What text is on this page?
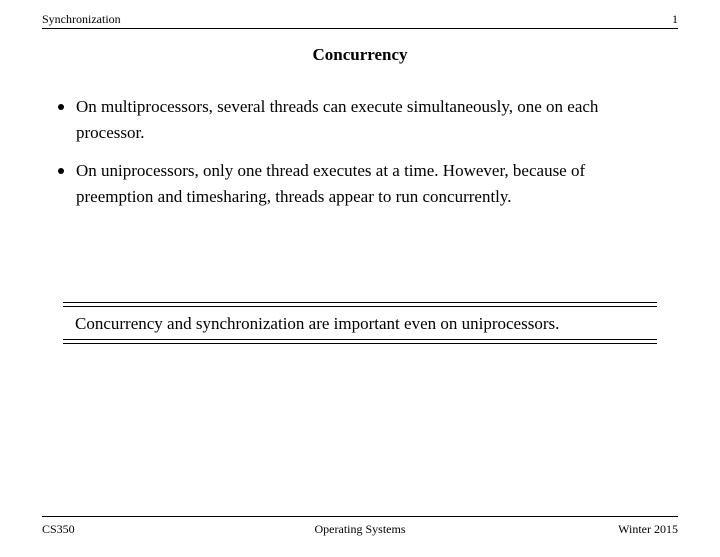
Synchronization	1
Concurrency
On multiprocessors, several threads can execute simultaneously, one on each processor.
On uniprocessors, only one thread executes at a time. However, because of preemption and timesharing, threads appear to run concurrently.
Concurrency and synchronization are important even on uniprocessors.
CS350	Operating Systems	Winter 2015
